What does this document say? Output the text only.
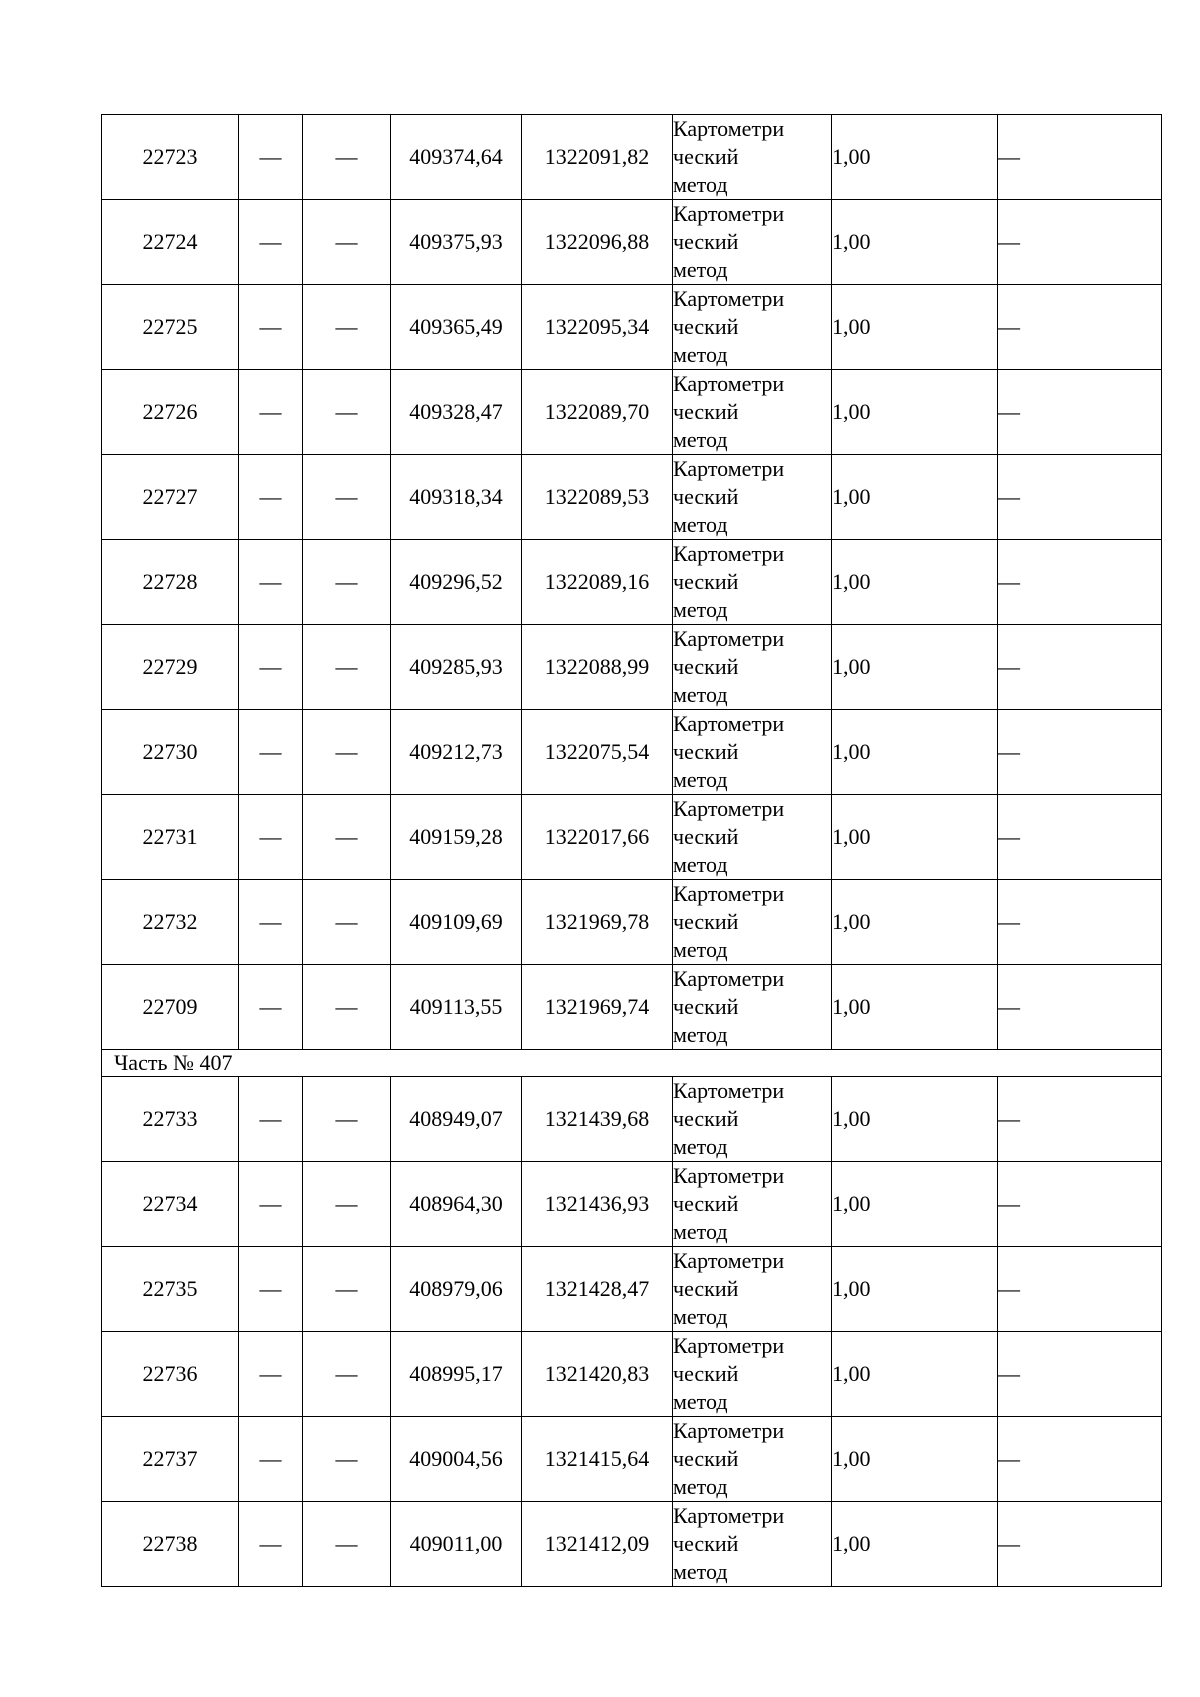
22723	—	—	409374,64	1322091,82	Картометри
ческий
метод	1,00	—
22724	—	—	409375,93	1322096,88	Картометри
ческий
метод	1,00	—
22725	—	—	409365,49	1322095,34	Картометри
ческий
метод	1,00	—
22726	—	—	409328,47	1322089,70	Картометри
ческий
метод	1,00	—
22727	—	—	409318,34	1322089,53	Картометри
ческий
метод	1,00	—
22728	—	—	409296,52	1322089,16	Картометри
ческий
метод	1,00	—
22729	—	—	409285,93	1322088,99	Картометри
ческий
метод	1,00	—
22730	—	—	409212,73	1322075,54	Картометри
ческий
метод	1,00	—
22731	—	—	409159,28	1322017,66	Картометри
ческий
метод	1,00	—
22732	—	—	409109,69	1321969,78	Картометри
ческий
метод	1,00	—
22709	—	—	409113,55	1321969,74	Картометри
ческий
метод	1,00	—
Часть № 407							
22733	—	—	408949,07	1321439,68	Картометри
ческий
метод	1,00	—
22734	—	—	408964,30	1321436,93	Картометри
ческий
метод	1,00	—
22735	—	—	408979,06	1321428,47	Картометри
ческий
метод	1,00	—
22736	—	—	408995,17	1321420,83	Картометри
ческий
метод	1,00	—
22737	—	—	409004,56	1321415,64	Картометри
ческий
метод	1,00	—
22738	—	—	409011,00	1321412,09	Картометри
ческий
метод	1,00	—
